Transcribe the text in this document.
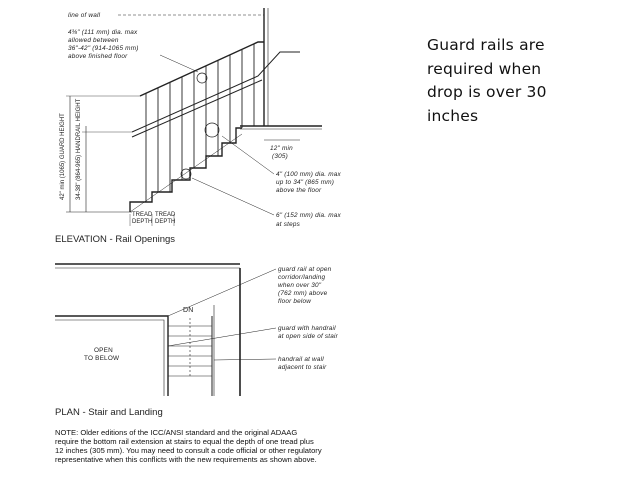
line of wall
4⅜" (111 mm) dia. max
allowed between
36"-42" (914-1065 mm)
above finished floor
12" min
(305)
4" (100 mm) dia. max
up to 34" (865 mm)
above the floor
6" (152 mm) dia. max
at steps
42" min (1065) GUARD HEIGHT 34-38" (864-965) HANDRAIL HEIGHT
TREAD
DEPTH
TREAD
DEPTH
ELEVATION - Rail Openings
DN
OPEN
TO BELOW
guard rail at open
corridor/landing
when over 30"
(762 mm) above
floor below
guard with handrail
at open side of stair
handrail at wall
adjacent to stair
PLAN - Stair and Landing
NOTE: Older editions of the ICC/ANSI standard and the original ADAAG
require the bottom rail extension at stairs to equal the depth of one tread plus
12 inches (305 mm). You may need to consult a code official or other regulatory
representative when this conflicts with the new requirements as shown above.
Guard rails are
required when
drop is over 30
inches
